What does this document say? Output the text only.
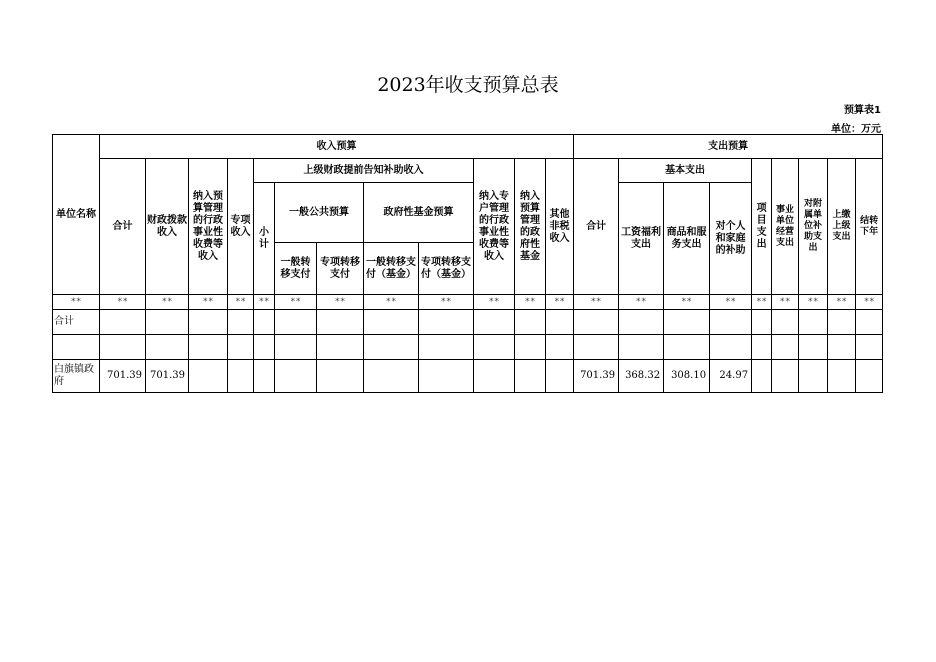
2023年收支预算总表
预算表1
单位：万元
单位名称	收入预算												支出预算								
	合计	财政拨款收入	纳入预算管理的行政事业性收费等收入	专项收入	上级财政提前告知补助收入					纳入专户管理的行政事业性收费等收入	纳入预算管理的政府性基金	其他非税收入	合计	基本支出			项目支出	事业单位经营支出	对附属单位补助支出	上缴上级支出	结转下年
					小计	一般公共预算		政府性基金预算						工资福利支出	商品和服务支出	对个人和家庭的补助					
						一般转移支付	专项转移支付	一般转移支付（基金）	专项转移支付（基金）												
**	**	**	**	**	**	**	**	**	**	**	**	**	**	**	**	**	**	**	**	**	**
合计																					

白旗镇政府	701.39	701.39											701.39	368.32	308.10	24.97					
